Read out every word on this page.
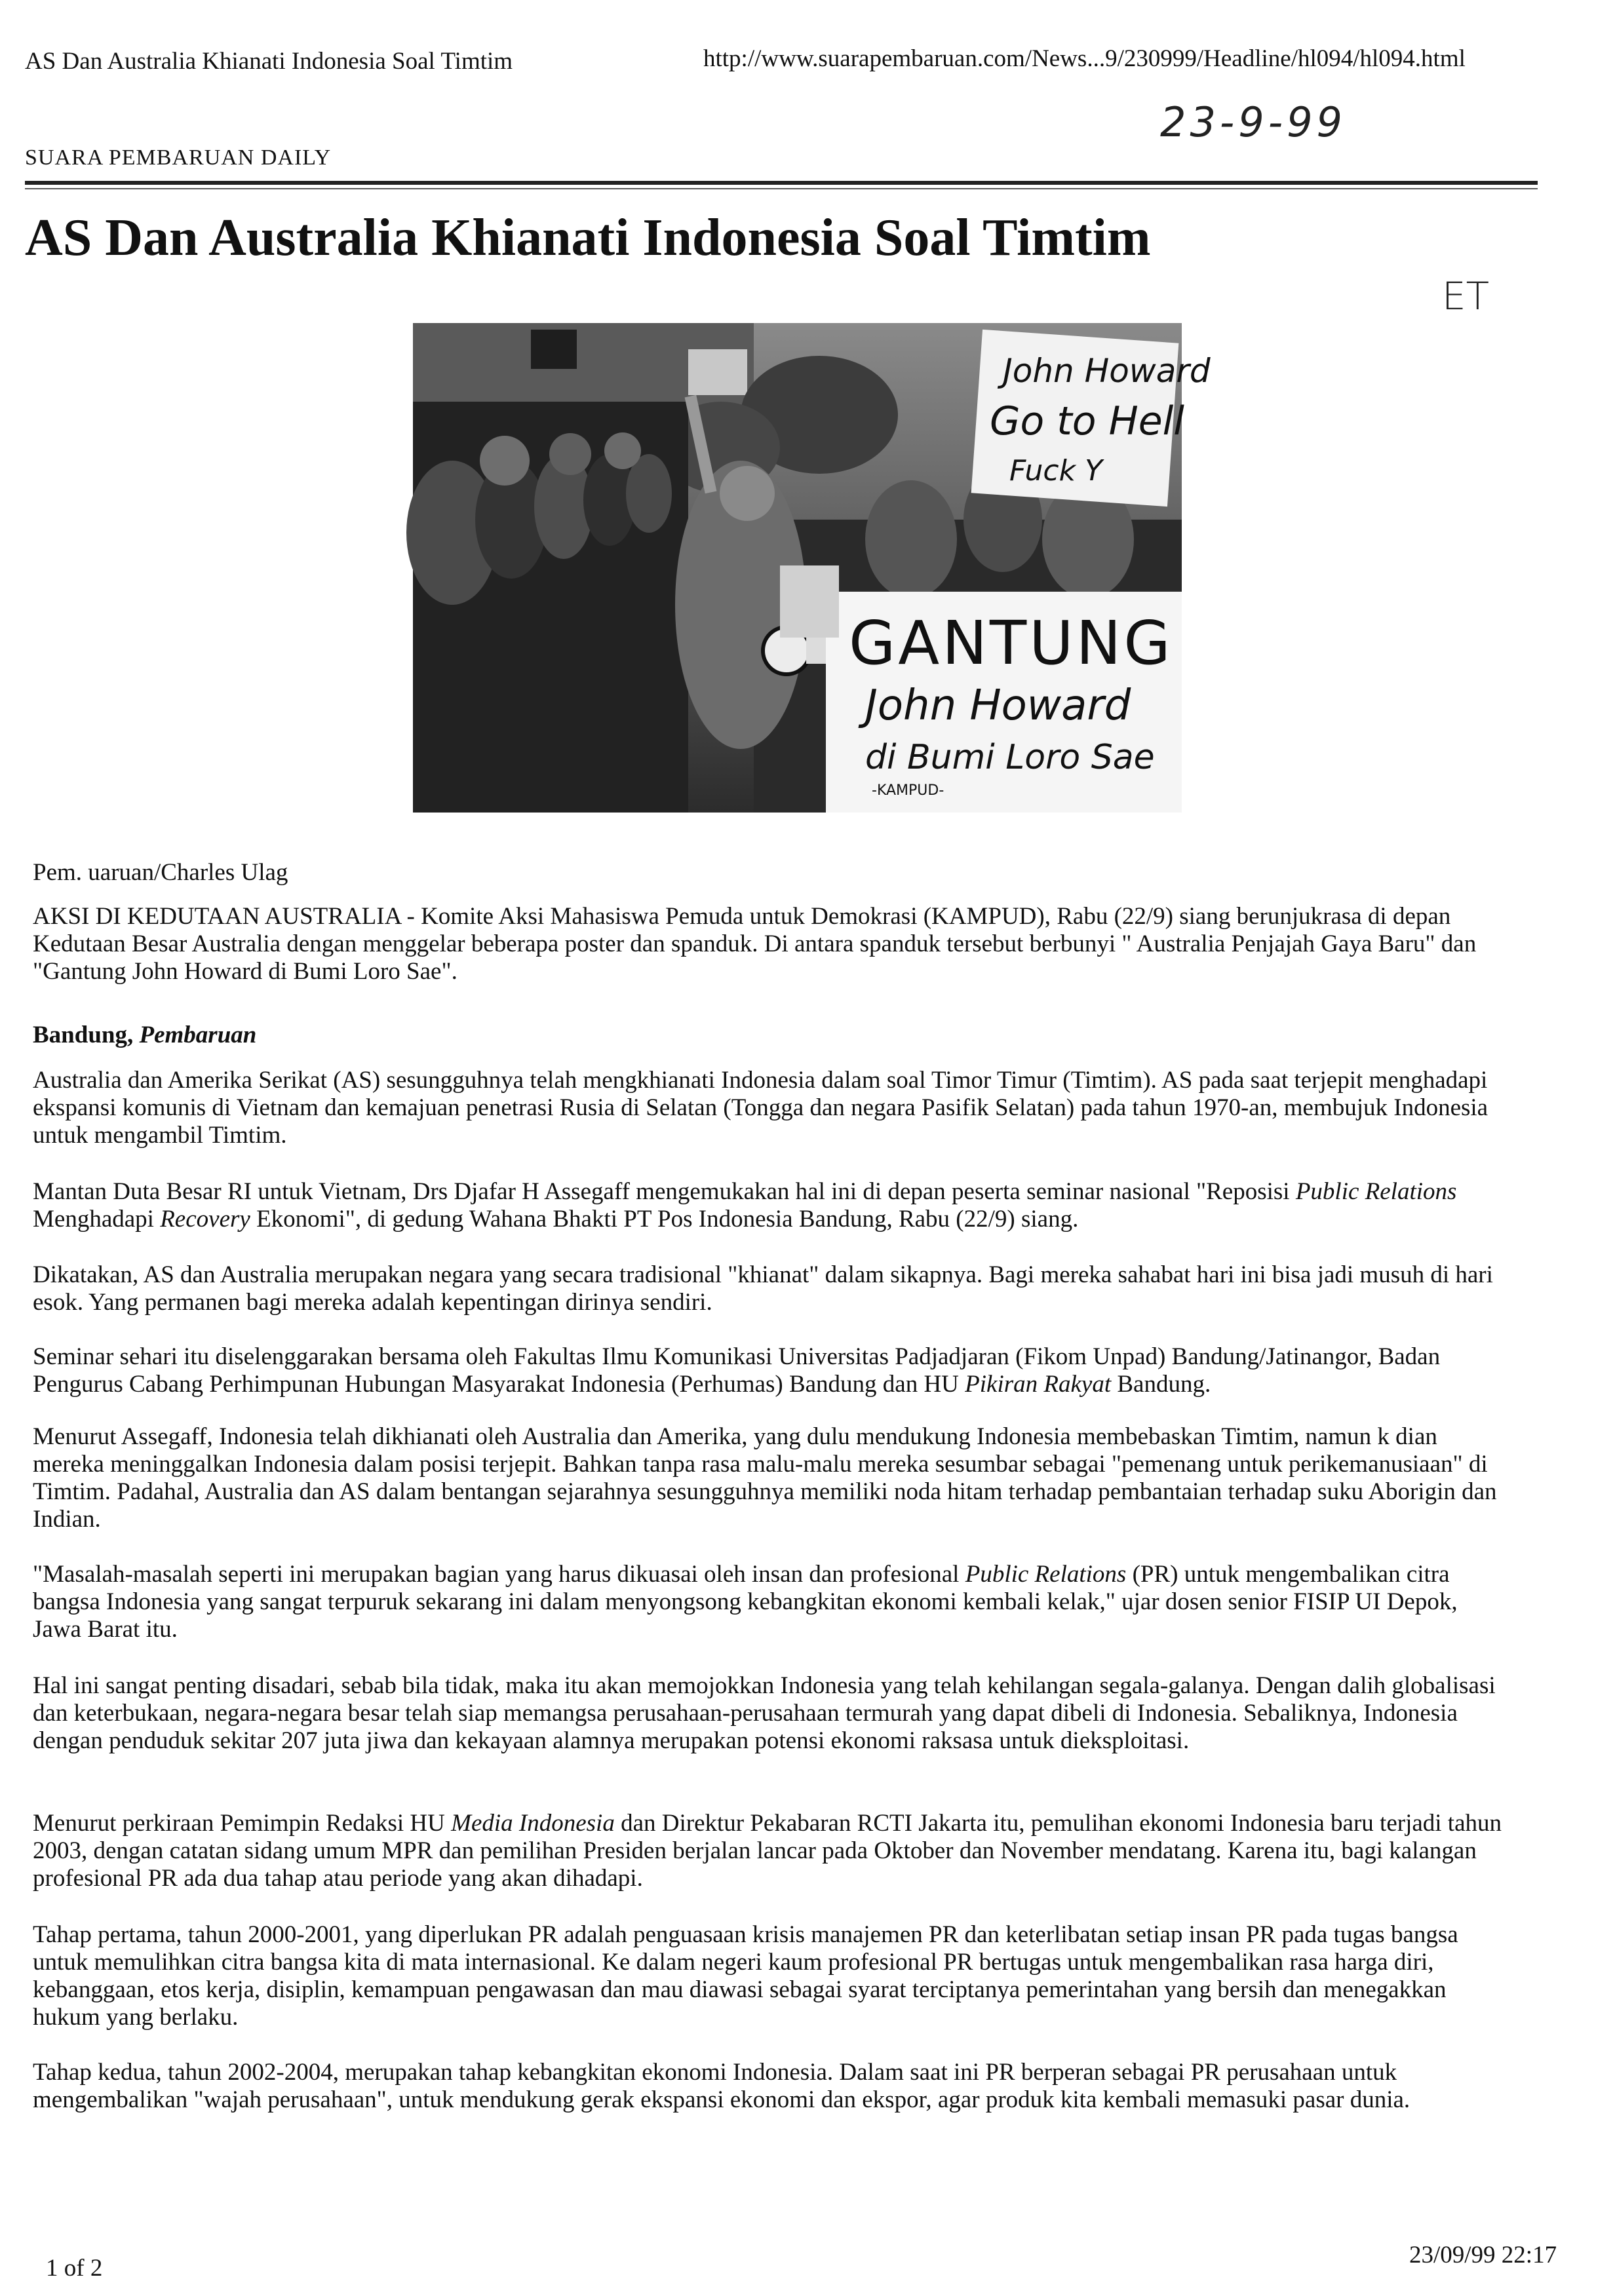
AS Dan Australia Khianati Indonesia Soal Timtim	http://www.suarapembaruan.com/News...9/230999/Headline/hl094/hl094.html
23-9-99
SUARA PEMBARUAN DAILY
ET
AS Dan Australia Khianati Indonesia Soal Timtim
John Howard
Go to Hell
Fuck Y
GANTUNG
John Howard
di Bumi Loro Sae
-KAMPUD-
Pem. uaruan/Charles Ulag

AKSI DI KEDUTAAN AUSTRALIA - Komite Aksi Mahasiswa Pemuda untuk Demokrasi (KAMPUD), Rabu (22/9) siang berunjukrasa di depan Kedutaan Besar Australia dengan menggelar beberapa poster dan spanduk. Di antara spanduk tersebut berbunyi " Australia Penjajah Gaya Baru" dan "Gantung John Howard di Bumi Loro Sae".

Bandung, Pembaruan

Australia dan Amerika Serikat (AS) sesungguhnya telah mengkhianati Indonesia dalam soal Timor Timur (Timtim). AS pada saat terjepit menghadapi ekspansi komunis di Vietnam dan kemajuan penetrasi Rusia di Selatan (Tongga dan negara Pasifik Selatan) pada tahun 1970-an, membujuk Indonesia untuk mengambil Timtim.

Mantan Duta Besar RI untuk Vietnam, Drs Djafar H Assegaff mengemukakan hal ini di depan peserta seminar nasional "Reposisi Public Relations Menghadapi Recovery Ekonomi", di gedung Wahana Bhakti PT Pos Indonesia Bandung, Rabu (22/9) siang.

Dikatakan, AS dan Australia merupakan negara yang secara tradisional "khianat" dalam sikapnya. Bagi mereka sahabat hari ini bisa jadi musuh di hari esok. Yang permanen bagi mereka adalah kepentingan dirinya sendiri.

Seminar sehari itu diselenggarakan bersama oleh Fakultas Ilmu Komunikasi Universitas Padjadjaran (Fikom Unpad) Bandung/Jatinangor, Badan Pengurus Cabang Perhimpunan Hubungan Masyarakat Indonesia (Perhumas) Bandung dan HU Pikiran Rakyat Bandung.

Menurut Assegaff, Indonesia telah dikhianati oleh Australia dan Amerika, yang dulu mendukung Indonesia membebaskan Timtim, namun k dian mereka meninggalkan Indonesia dalam posisi terjepit. Bahkan tanpa rasa malu-malu mereka sesumbar sebagai "pemenang untuk perikemanusiaan" di Timtim. Padahal, Australia dan AS dalam bentangan sejarahnya sesungguhnya memiliki noda hitam terhadap pembantaian terhadap suku Aborigin dan Indian.

"Masalah-masalah seperti ini merupakan bagian yang harus dikuasai oleh insan dan profesional Public Relations (PR) untuk mengembalikan citra bangsa Indonesia yang sangat terpuruk sekarang ini dalam menyongsong kebangkitan ekonomi kembali kelak," ujar dosen senior FISIP UI Depok, Jawa Barat itu.

Hal ini sangat penting disadari, sebab bila tidak, maka itu akan memojokkan Indonesia yang telah kehilangan segala-galanya. Dengan dalih globalisasi dan keterbukaan, negara-negara besar telah siap memangsa perusahaan-perusahaan termurah yang dapat dibeli di Indonesia. Sebaliknya, Indonesia dengan penduduk sekitar 207 juta jiwa dan kekayaan alamnya merupakan potensi ekonomi raksasa untuk dieksploitasi.

Menurut perkiraan Pemimpin Redaksi HU Media Indonesia dan Direktur Pekabaran RCTI Jakarta itu, pemulihan ekonomi Indonesia baru terjadi tahun 2003, dengan catatan sidang umum MPR dan pemilihan Presiden berjalan lancar pada Oktober dan November mendatang. Karena itu, bagi kalangan profesional PR ada dua tahap atau periode yang akan dihadapi.

Tahap pertama, tahun 2000-2001, yang diperlukan PR adalah penguasaan krisis manajemen PR dan keterlibatan setiap insan PR pada tugas bangsa untuk memulihkan citra bangsa kita di mata internasional. Ke dalam negeri kaum profesional PR bertugas untuk mengembalikan rasa harga diri, kebanggaan, etos kerja, disiplin, kemampuan pengawasan dan mau diawasi sebagai syarat terciptanya pemerintahan yang bersih dan menegakkan hukum yang berlaku.

Tahap kedua, tahun 2002-2004, merupakan tahap kebangkitan ekonomi Indonesia. Dalam saat ini PR berperan sebagai PR perusahaan untuk mengembalikan "wajah perusahaan", untuk mendukung gerak ekspansi ekonomi dan ekspor, agar produk kita kembali memasuki pasar dunia.

1 of 2	23/09/99 22:17
